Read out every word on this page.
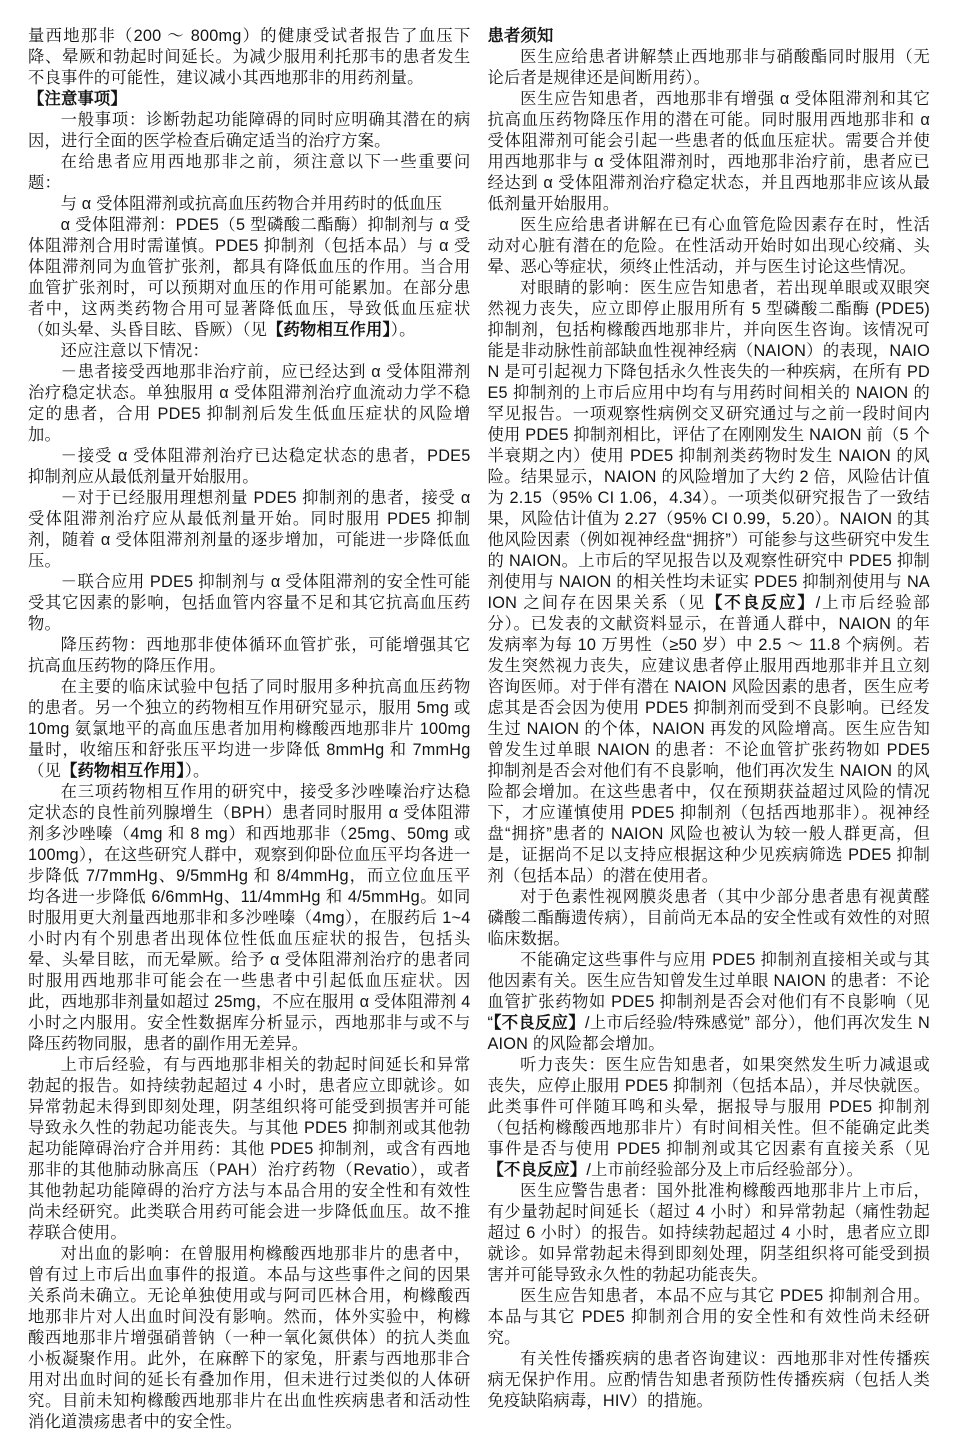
量西地那非（200 ～ 800mg）的健康受试者报告了血压下降、晕厥和勃起时间延长。为减少服用利托那韦的患者发生不良事件的可能性，建议减小其西地那非的用药剂量。

【注意事项】

一般事项：诊断勃起功能障碍的同时应明确其潜在的病因，进行全面的医学检查后确定适当的治疗方案。

在给患者应用西地那非之前，须注意以下一些重要问题：

与 α 受体阻滞剂或抗高血压药物合并用药时的低血压

α 受体阻滞剂：PDE5（5 型磷酸二酯酶）抑制剂与 α 受体阻滞剂合用时需谨慎。PDE5 抑制剂（包括本品）与 α 受体阻滞剂同为血管扩张剂，都具有降低血压的作用。当合用血管扩张剂时，可以预期对血压的作用可能累加。在部分患者中，这两类药物合用可显著降低血压，导致低血压症状（如头晕、头昏目眩、昏厥）（见【药物相互作用】）。

还应注意以下情况：

－患者接受西地那非治疗前，应已经达到 α 受体阻滞剂治疗稳定状态。单独服用 α 受体阻滞剂治疗血流动力学不稳定的患者，合用 PDE5 抑制剂后发生低血压症状的风险增加。

－接受 α 受体阻滞剂治疗已达稳定状态的患者，PDE5 抑制剂应从最低剂量开始服用。

－对于已经服用理想剂量 PDE5 抑制剂的患者，接受 α 受体阻滞剂治疗应从最低剂量开始。同时服用 PDE5 抑制剂，随着 α 受体阻滞剂剂量的逐步增加，可能进一步降低血压。

－联合应用 PDE5 抑制剂与 α 受体阻滞剂的安全性可能受其它因素的影响，包括血管内容量不足和其它抗高血压药物。

降压药物：西地那非使体循环血管扩张，可能增强其它抗高血压药物的降压作用。

在主要的临床试验中包括了同时服用多种抗高血压药物的患者。另一个独立的药物相互作用研究显示，服用 5mg 或 10mg 氨氯地平的高血压患者加用枸橼酸西地那非片 100mg 量时，收缩压和舒张压平均进一步降低 8mmHg 和 7mmHg（见【药物相互作用】）。

在三项药物相互作用的研究中，接受多沙唑嗪治疗达稳定状态的良性前列腺增生（BPH）患者同时服用 α 受体阻滞剂多沙唑嗪（4mg 和 8 mg）和西地那非（25mg、50mg 或 100mg），在这些研究人群中，观察到仰卧位血压平均各进一步降低 7/7mmHg、9/5mmHg 和 8/4mmHg，而立位血压平均各进一步降低 6/6mmHg、11/4mmHg 和 4/5mmHg。如同时服用更大剂量西地那非和多沙唑嗪（4mg），在服药后 1~4 小时内有个别患者出现体位性低血压症状的报告，包括头晕、头晕目眩，而无晕厥。给予 α 受体阻滞剂治疗的患者同时服用西地那非可能会在一些患者中引起低血压症状。因此，西地那非剂量如超过 25mg，不应在服用 α 受体阻滞剂 4 小时之内服用。安全性数据库分析显示，西地那非与或不与降压药物同服，患者的副作用无差异。

上市后经验，有与西地那非相关的勃起时间延长和异常勃起的报告。如持续勃起超过 4 小时，患者应立即就诊。如异常勃起未得到即刻处理，阴茎组织将可能受到损害并可能导致永久性的勃起功能丧失。与其他 PDE5 抑制剂或其他勃起功能障碍治疗合并用药：其他 PDE5 抑制剂，或含有西地那非的其他肺动脉高压（PAH）治疗药物（Revatio），或者其他勃起功能障碍的治疗方法与本品合用的安全性和有效性尚未经研究。此类联合用药可能会进一步降低血压。故不推荐联合使用。

对出血的影响：在曾服用枸橼酸西地那非片的患者中，曾有过上市后出血事件的报道。本品与这些事件之间的因果关系尚未确立。无论单独使用或与阿司匹林合用，枸橼酸西地那非片对人出血时间没有影响。然而，体外实验中，枸橼酸西地那非片增强硝普钠（一种一氧化氮供体）的抗人类血小板凝聚作用。此外，在麻醉下的家兔，肝素与西地那非合用对出血时间的延长有叠加作用，但未进行过类似的人体研究。目前未知枸橼酸西地那非片在出血性疾病患者和活动性消化道溃疡患者中的安全性。

患者须知

医生应给患者讲解禁止西地那非与硝酸酯同时服用（无论后者是规律还是间断用药）。

医生应告知患者，西地那非有增强 α 受体阻滞剂和其它抗高血压药物降压作用的潜在可能。同时服用西地那非和 α 受体阻滞剂可能会引起一些患者的低血压症状。需要合并使用西地那非与 α 受体阻滞剂时，西地那非治疗前，患者应已经达到 α 受体阻滞剂治疗稳定状态，并且西地那非应该从最低剂量开始服用。

医生应给患者讲解在已有心血管危险因素存在时，性活动对心脏有潜在的危险。在性活动开始时如出现心绞痛、头晕、恶心等症状，须终止性活动，并与医生讨论这些情况。

对眼睛的影响：医生应告知患者，若出现单眼或双眼突然视力丧失，应立即停止服用所有 5 型磷酸二酯酶 (PDE5) 抑制剂，包括枸橼酸西地那非片，并向医生咨询。该情况可能是非动脉性前部缺血性视神经病（NAION）的表现，NAION 是可引起视力下降包括永久性丧失的一种疾病，在所有 PDE5 抑制剂的上市后应用中均有与用药时间相关的 NAION 的罕见报告。一项观察性病例交叉研究通过与之前一段时间内使用 PDE5 抑制剂相比，评估了在刚刚发生 NAION 前（5 个半衰期之内）使用 PDE5 抑制剂类药物时发生 NAION 的风险。结果显示，NAION 的风险增加了大约 2 倍，风险估计值为 2.15（95% CI 1.06，4.34）。一项类似研究报告了一致结果，风险估计值为 2.27（95% CI 0.99，5.20）。NAION 的其他风险因素（例如视神经盘“拥挤”）可能参与这些研究中发生的 NAION。上市后的罕见报告以及观察性研究中 PDE5 抑制剂使用与 NAION 的相关性均未证实 PDE5 抑制剂使用与 NAION 之间存在因果关系（见【不良反应】/上市后经验部分）。已发表的文献资料显示，在普通人群中，NAION 的年发病率为每 10 万男性（≥50 岁）中 2.5 ～ 11.8 个病例。若发生突然视力丧失，应建议患者停止服用西地那非并且立刻咨询医师。对于伴有潜在 NAION 风险因素的患者，医生应考虑其是否会因为使用 PDE5 抑制剂而受到不良影响。已经发生过 NAION 的个体，NAION 再发的风险增高。医生应告知曾发生过单眼 NAION 的患者：不论血管扩张药物如 PDE5 抑制剂是否会对他们有不良影响，他们再次发生 NAION 的风险都会增加。在这些患者中，仅在预期获益超过风险的情况下，才应谨慎使用 PDE5 抑制剂（包括西地那非）。视神经盘“拥挤”患者的 NAION 风险也被认为较一般人群更高，但是，证据尚不足以支持应根据这种少见疾病筛选 PDE5 抑制剂（包括本品）的潜在使用者。

对于色素性视网膜炎患者（其中少部分患者患有视黄醛磷酸二酯酶遗传病），目前尚无本品的安全性或有效性的对照临床数据。

不能确定这些事件与应用 PDE5 抑制剂直接相关或与其他因素有关。医生应告知曾发生过单眼 NAION 的患者：不论血管扩张药物如 PDE5 抑制剂是否会对他们有不良影响（见 “【不良反应】/上市后经验/特殊感觉” 部分），他们再次发生 NAION 的风险都会增加。

听力丧失：医生应告知患者，如果突然发生听力减退或丧失，应停止服用 PDE5 抑制剂（包括本品），并尽快就医。此类事件可伴随耳鸣和头晕，据报导与服用 PDE5 抑制剂（包括枸橼酸西地那非片）有时间相关性。但不能确定此类事件是否与使用 PDE5 抑制剂或其它因素有直接关系（见【不良反应】/上市前经验部分及上市后经验部分）。

医生应警告患者：国外批准枸橼酸西地那非片上市后，有少量勃起时间延长（超过 4 小时）和异常勃起（痛性勃起超过 6 小时）的报告。如持续勃起超过 4 小时，患者应立即就诊。如异常勃起未得到即刻处理，阴茎组织将可能受到损害并可能导致永久性的勃起功能丧失。

医生应告知患者，本品不应与其它 PDE5 抑制剂合用。本品与其它 PDE5 抑制剂合用的安全性和有效性尚未经研究。

有关性传播疾病的患者咨询建议：西地那非对性传播疾病无保护作用。应酌情告知患者预防性传播疾病（包括人类免疫缺陷病毒，HIV）的措施。
